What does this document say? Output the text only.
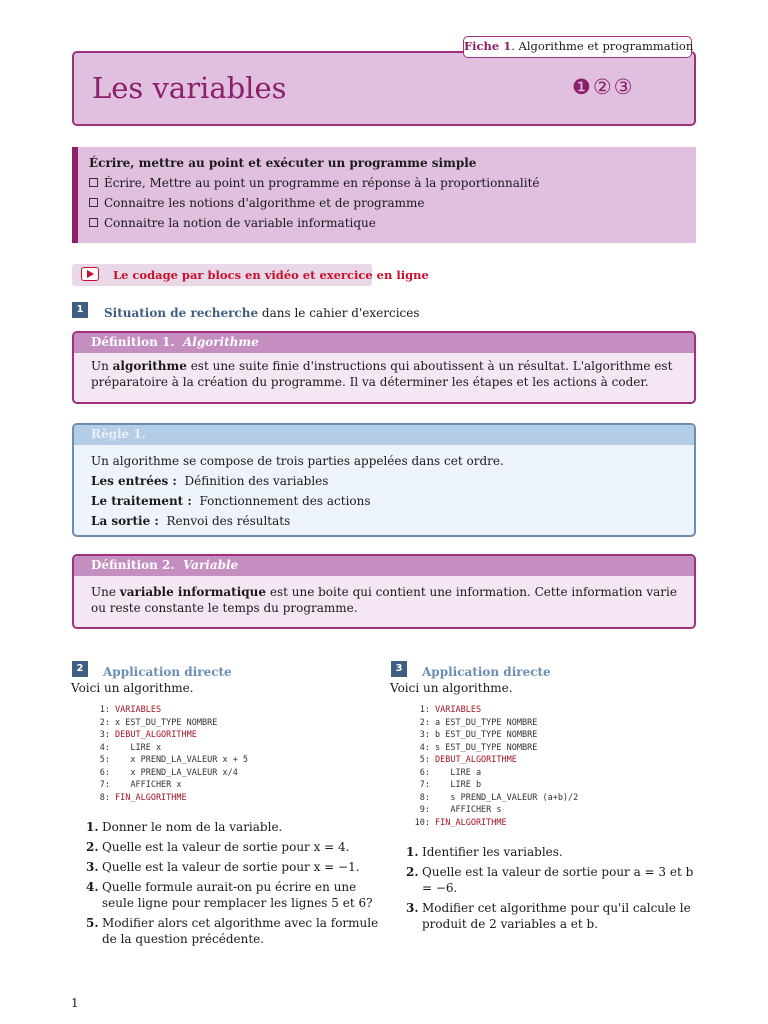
Fiche 1. Algorithme et programmation
Les variables	❶②③
Écrire, mettre au point et exécuter un programme simple
Écrire, Mettre au point un programme en réponse à la proportionnalité
Connaitre les notions d'algorithme et de programme
Connaitre la notion de variable informatique
Le codage par blocs en vidéo et exercice en ligne
1	Situation de recherche dans le cahier d'exercices
Définition 1. Algorithme
Un algorithme est une suite finie d'instructions qui aboutissent à un résultat. L'algorithme est préparatoire à la création du programme. Il va déterminer les étapes et les actions à coder.
Règle 1.
Un algorithme se compose de trois parties appelées dans cet ordre.
Les entrées : Définition des variables
Le traitement : Fonctionnement des actions
La sortie : Renvoi des résultats
Définition 2. Variable
Une variable informatique est une boite qui contient une information. Cette information varie ou reste constante le temps du programme.
2	Application directe
Voici un algorithme.
1: VARIABLES
2: x EST_DU_TYPE NOMBRE
3: DEBUT_ALGORITHME
4:   LIRE x
5:   x PREND_LA_VALEUR x + 5
6:   x PREND_LA_VALEUR x/4
7:   AFFICHER x
8: FIN_ALGORITHME
1. Donner le nom de la variable.
2. Quelle est la valeur de sortie pour x = 4.
3. Quelle est la valeur de sortie pour x = −1.
4. Quelle formule aurait-on pu écrire en une seule ligne pour remplacer les lignes 5 et 6?
5. Modifier alors cet algorithme avec la formule de la question précédente.
3	Application directe
Voici un algorithme.
1: VARIABLES
2: a EST_DU_TYPE NOMBRE
3: b EST_DU_TYPE NOMBRE
4: s EST_DU_TYPE NOMBRE
5: DEBUT_ALGORITHME
6:   LIRE a
7:   LIRE b
8:   s PREND_LA_VALEUR (a+b)/2
9:   AFFICHER s
10: FIN_ALGORITHME
1. Identifier les variables.
2. Quelle est la valeur de sortie pour a = 3 et b = −6.
3. Modifier cet algorithme pour qu'il calcule le produit de 2 variables a et b.
1
